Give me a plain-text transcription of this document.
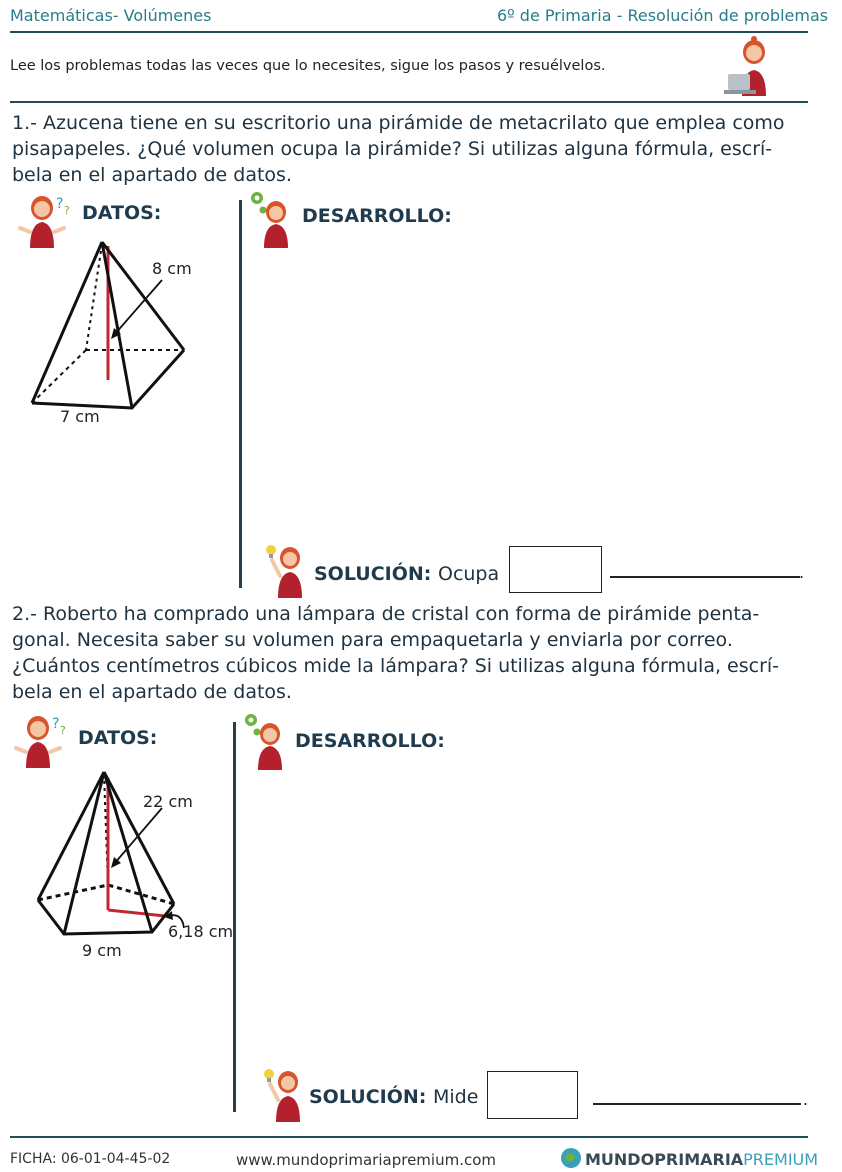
Matemáticas- Volúmenes	6º de Primaria - Resolución de problemas
Lee los problemas todas las veces que lo necesites, sigue los pasos y resuélvelos.
1.- Azucena tiene en su escritorio una pirámide de metacrilato que emplea como
pisapapeles. ¿Qué volumen ocupa la pirámide? Si utilizas alguna fórmula, escrí-
bela en el apartado de datos.
? ? DATOS:
8 cm
7 cm
DESARROLLO:
SOLUCIÓN: Ocupa	.
2.- Roberto ha comprado una lámpara de cristal con forma de pirámide penta-
gonal. Necesita saber su volumen para empaquetarla y enviarla por correo.
¿Cuántos centímetros cúbicos mide la lámpara? Si utilizas alguna fórmula, escrí-
bela en el apartado de datos.
? ? DATOS:
22 cm
6,18 cm
9 cm
DESARROLLO:
SOLUCIÓN: Mide	.
FICHA: 06-01-04-45-02	www.mundoprimariapremium.com	MUNDOPRIMARIAPREMIUM
